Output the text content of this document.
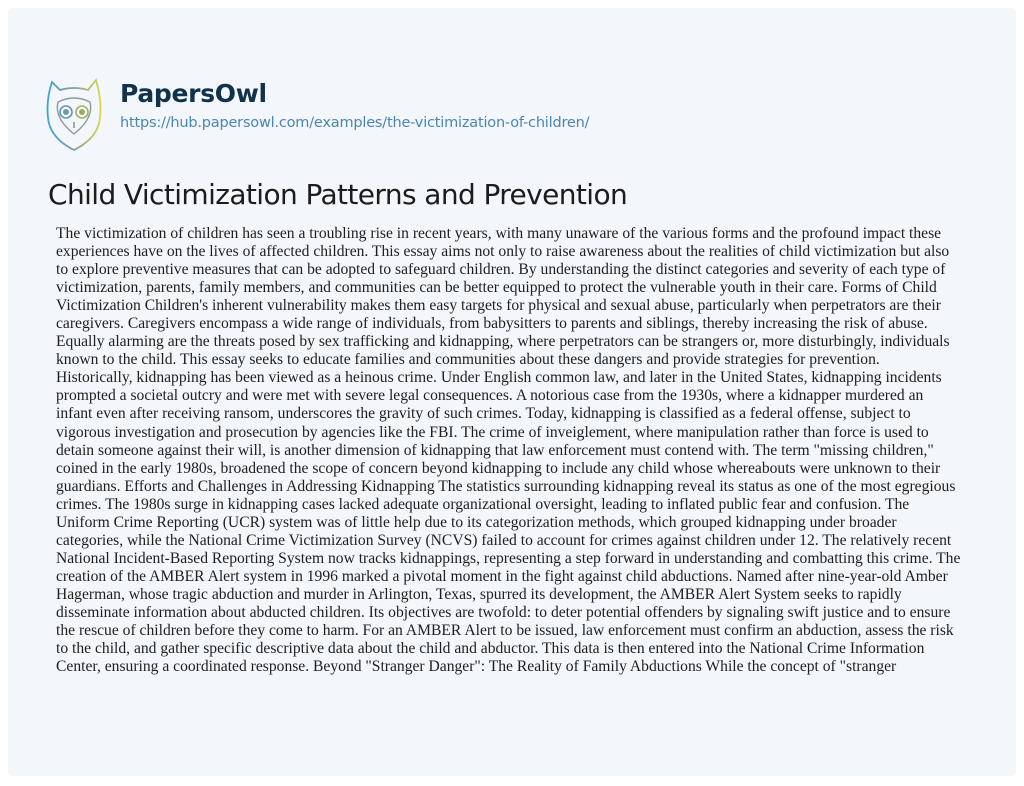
PapersOwl
https://hub.papersowl.com/examples/the-victimization-of-children/
Child Victimization Patterns and Prevention
The victimization of children has seen a troubling rise in recent years, with many unaware of the various forms and the profound impact these
experiences have on the lives of affected children. This essay aims not only to raise awareness about the realities of child victimization but also
to explore preventive measures that can be adopted to safeguard children. By understanding the distinct categories and severity of each type of
victimization, parents, family members, and communities can be better equipped to protect the vulnerable youth in their care. Forms of Child
Victimization Children's inherent vulnerability makes them easy targets for physical and sexual abuse, particularly when perpetrators are their
caregivers. Caregivers encompass a wide range of individuals, from babysitters to parents and siblings, thereby increasing the risk of abuse.
Equally alarming are the threats posed by sex trafficking and kidnapping, where perpetrators can be strangers or, more disturbingly, individuals
known to the child. This essay seeks to educate families and communities about these dangers and provide strategies for prevention.
Historically, kidnapping has been viewed as a heinous crime. Under English common law, and later in the United States, kidnapping incidents
prompted a societal outcry and were met with severe legal consequences. A notorious case from the 1930s, where a kidnapper murdered an
infant even after receiving ransom, underscores the gravity of such crimes. Today, kidnapping is classified as a federal offense, subject to
vigorous investigation and prosecution by agencies like the FBI. The crime of inveiglement, where manipulation rather than force is used to
detain someone against their will, is another dimension of kidnapping that law enforcement must contend with. The term "missing children,"
coined in the early 1980s, broadened the scope of concern beyond kidnapping to include any child whose whereabouts were unknown to their
guardians. Efforts and Challenges in Addressing Kidnapping The statistics surrounding kidnapping reveal its status as one of the most egregious
crimes. The 1980s surge in kidnapping cases lacked adequate organizational oversight, leading to inflated public fear and confusion. The
Uniform Crime Reporting (UCR) system was of little help due to its categorization methods, which grouped kidnapping under broader
categories, while the National Crime Victimization Survey (NCVS) failed to account for crimes against children under 12. The relatively recent
National Incident-Based Reporting System now tracks kidnappings, representing a step forward in understanding and combatting this crime. The
creation of the AMBER Alert system in 1996 marked a pivotal moment in the fight against child abductions. Named after nine-year-old Amber
Hagerman, whose tragic abduction and murder in Arlington, Texas, spurred its development, the AMBER Alert System seeks to rapidly
disseminate information about abducted children. Its objectives are twofold: to deter potential offenders by signaling swift justice and to ensure
the rescue of children before they come to harm. For an AMBER Alert to be issued, law enforcement must confirm an abduction, assess the risk
to the child, and gather specific descriptive data about the child and abductor. This data is then entered into the National Crime Information
Center, ensuring a coordinated response. Beyond "Stranger Danger": The Reality of Family Abductions While the concept of "stranger
